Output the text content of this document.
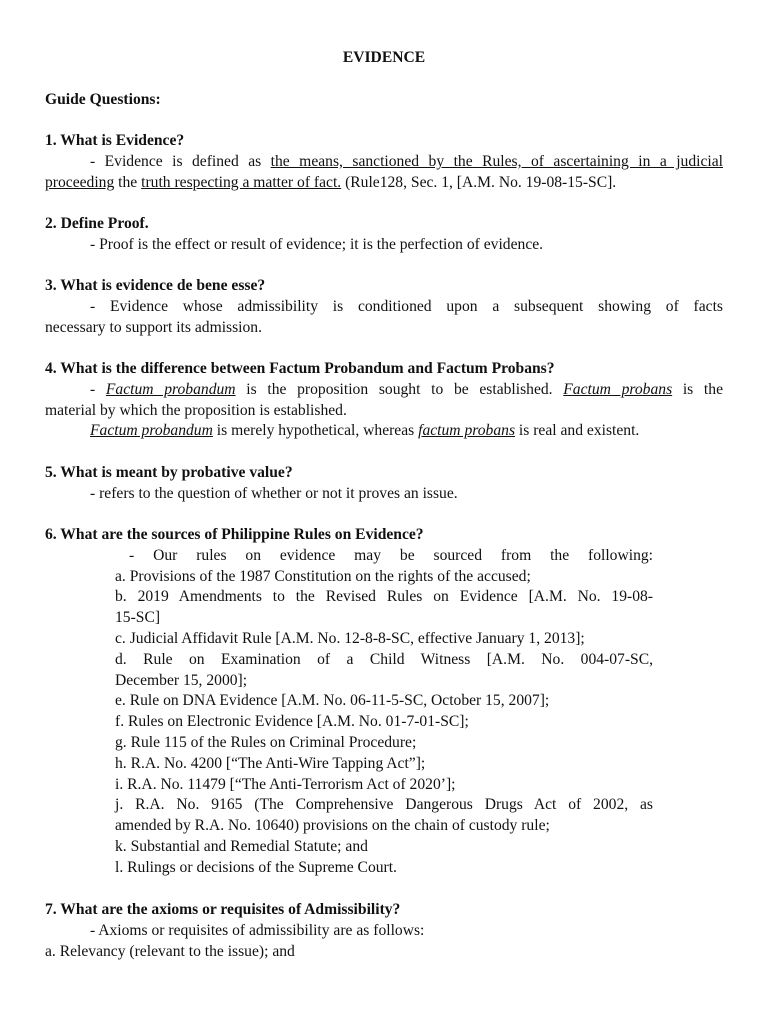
EVIDENCE
Guide Questions:
1. What is Evidence?
- Evidence is defined as the means, sanctioned by the Rules, of ascertaining in a judicial
proceeding the truth respecting a matter of fact. (Rule128, Sec. 1, [A.M. No. 19-08-15-SC].
2. Define Proof.
- Proof is the effect or result of evidence; it is the perfection of evidence.
3. What is evidence de bene esse?
- Evidence whose admissibility is conditioned upon a subsequent showing of facts
necessary to support its admission.
4. What is the difference between Factum Probandum and Factum Probans?
- Factum probandum is the proposition sought to be established. Factum probans is the
material by which the proposition is established.
Factum probandum is merely hypothetical, whereas factum probans is real and existent.
5. What is meant by probative value?
- refers to the question of whether or not it proves an issue.
6. What are the sources of Philippine Rules on Evidence?
- Our rules on evidence may be sourced from the following:
a. Provisions of the 1987 Constitution on the rights of the accused;
b. 2019 Amendments to the Revised Rules on Evidence [A.M. No. 19-08-
15-SC]
c. Judicial Affidavit Rule [A.M. No. 12-8-8-SC, effective January 1, 2013];
d. Rule on Examination of a Child Witness [A.M. No. 004-07-SC,
December 15, 2000];
e. Rule on DNA Evidence [A.M. No. 06-11-5-SC, October 15, 2007];
f. Rules on Electronic Evidence [A.M. No. 01-7-01-SC];
g. Rule 115 of the Rules on Criminal Procedure;
h. R.A. No. 4200 [“The Anti-Wire Tapping Act”];
i. R.A. No. 11479 [“The Anti-Terrorism Act of 2020’];
j. R.A. No. 9165 (The Comprehensive Dangerous Drugs Act of 2002, as
amended by R.A. No. 10640) provisions on the chain of custody rule;
k. Substantial and Remedial Statute; and
l. Rulings or decisions of the Supreme Court.
7. What are the axioms or requisites of Admissibility?
- Axioms or requisites of admissibility are as follows:
a. Relevancy (relevant to the issue); and
